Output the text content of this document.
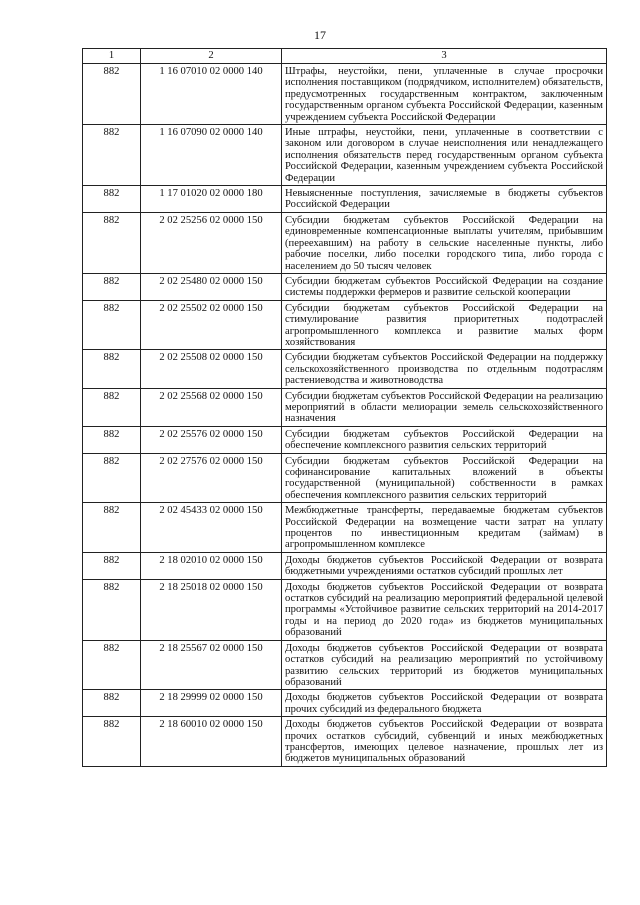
17
1	2	3
882	1 16 07010 02 0000 140	Штрафы, неустойки, пени, уплаченные в случае просрочки исполнения поставщиком (подрядчиком, исполнителем) обязательств, предусмотренных государственным контрактом, заключенным государственным органом субъекта Российской Федерации, казенным учреждением субъекта Российской Федерации
882	1 16 07090 02 0000 140	Иные штрафы, неустойки, пени, уплаченные в соответствии с законом или договором в случае неисполнения или ненадлежащего исполнения обязательств перед государственным органом субъекта Российской Федерации, казенным учреждением субъекта Российской Федерации
882	1 17 01020 02 0000 180	Невыясненные поступления, зачисляемые в бюджеты субъектов Российской Федерации
882	2 02 25256 02 0000 150	Субсидии бюджетам субъектов Российской Федерации на единовременные компенсационные выплаты учителям, прибывшим (переехавшим) на работу в сельские населенные пункты, либо рабочие поселки, либо поселки городского типа, либо города с населением до 50 тысяч человек
882	2 02 25480 02 0000 150	Субсидии бюджетам субъектов Российской Федерации на создание системы поддержки фермеров и развитие сельской кооперации
882	2 02 25502 02 0000 150	Субсидии бюджетам субъектов Российской Федерации на стимулирование развития приоритетных подотраслей агропромышленного комплекса и развитие малых форм хозяйствования
882	2 02 25508 02 0000 150	Субсидии бюджетам субъектов Российской Федерации на поддержку сельскохозяйственного производства по отдельным подотраслям растениеводства и животноводства
882	2 02 25568 02 0000 150	Субсидии бюджетам субъектов Российской Федерации на реализацию мероприятий в области мелиорации земель сельскохозяйственного назначения
882	2 02 25576 02 0000 150	Субсидии бюджетам субъектов Российской Федерации на обеспечение комплексного развития сельских территорий
882	2 02 27576 02 0000 150	Субсидии бюджетам субъектов Российской Федерации на софинансирование капитальных вложений в объекты государственной (муниципальной) собственности в рамках обеспечения комплексного развития сельских территорий
882	2 02 45433 02 0000 150	Межбюджетные трансферты, передаваемые бюджетам субъектов Российской Федерации на возмещение части затрат на уплату процентов по инвестиционным кредитам (займам) в агропромышленном комплексе
882	2 18 02010 02 0000 150	Доходы бюджетов субъектов Российской Федерации от возврата бюджетными учреждениями остатков субсидий прошлых лет
882	2 18 25018 02 0000 150	Доходы бюджетов субъектов Российской Федерации от возврата остатков субсидий на реализацию мероприятий федеральной целевой программы «Устойчивое развитие сельских территорий на 2014-2017 годы и на период до 2020 года» из бюджетов муниципальных образований
882	2 18 25567 02 0000 150	Доходы бюджетов субъектов Российской Федерации от возврата остатков субсидий на реализацию мероприятий по устойчивому развитию сельских территорий из бюджетов муниципальных образований
882	2 18 29999 02 0000 150	Доходы бюджетов субъектов Российской Федерации от возврата прочих субсидий из федерального бюджета
882	2 18 60010 02 0000 150	Доходы бюджетов субъектов Российской Федерации от возврата прочих остатков субсидий, субвенций и иных межбюджетных трансфертов, имеющих целевое назначение, прошлых лет из бюджетов муниципальных образований
